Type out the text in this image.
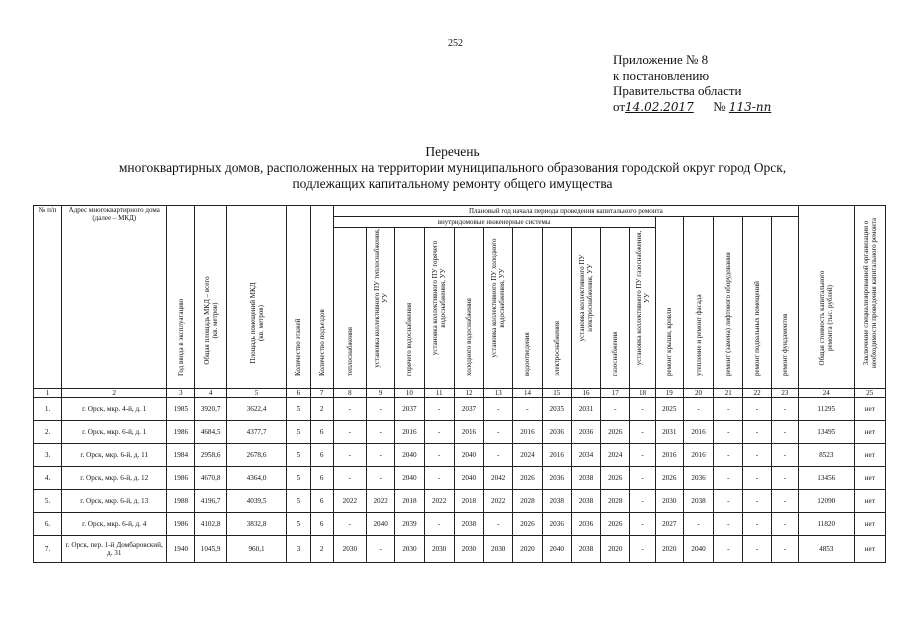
252
Приложение № 8
к постановлению
Правительства области
от14.02.2017 № 113-пп
Перечень
многоквартирных домов, расположенных на территории муниципального образования городской округ город Орск,
подлежащих капитальному ремонту общего имущества
№ п/п	Адрес многоквартирного дома (далее – МКД)	Год ввода в эксплуатацию	Общая площадь МКД – всего (кв. метров)	Площадь помещений МКД (кв. метров)	Количество этажей	Количество подъездов	Плановый год начала периода проведения капитального ремонта																Общая стоимость капитального ремонта (тыс. рублей)	Заключение специализированной организации о необходимости проведения капитального ремонта

							внутридомовые инженерные системы											ремонт крыши, кровли	утепление и ремонт фасада	ремонт (замена) лифтового оборудования	ремонт подвальных помещений	ремонт фундаментов		

							теплоснабжения	установка коллективного ПУ теплоснабжения, УУ	горячего водоснабжения	установка коллективного ПУ горячего водоснабжения, УУ	холодного водоснабжения	установка коллективного ПУ холодного водоснабжения, УУ	водоотведения	электроснабжения	установка коллективного ПУ электроснабжения, УУ	газоснабжения	установка коллективного ПУ газоснабжения, УУ							

1	2	3	4	5	6	7	8	9	10	11	12	13	14	15	16	17	18	19	20	21	22	23	24	25
1.	г. Орск, мкр. 4-й, д. 1	1985	3920,7	3622,4	5	2	-	-	2037	-	2037	-	-	2035	2031	-	-	2025	-	-	-	-	11295	нет
2.	г. Орск, мкр. 6-й, д. 1	1986	4684,5	4377,7	5	6	-	-	2016	-	2016	-	2016	2036	2036	2026	-	2031	2016	-	-	-	13495	нет
3.	г. Орск, мкр. 6-й, д. 11	1984	2958,6	2678,6	5	6	-	-	2040	-	2040	-	2024	2016	2034	2024	-	2016	2016	-	-	-	8523	нет
4.	г. Орск, мкр. 6-й, д. 12	1986	4670,8	4364,0	5	6	-	-	2040	-	2040	2042	2026	2036	2038	2026	-	2026	2036	-	-	-	13456	нет
5.	г. Орск, мкр. 6-й, д. 13	1988	4196,7	4039,5	5	6	2022	2022	2018	2022	2018	2022	2028	2038	2038	2028	-	2030	2038	-	-	-	12090	нет
6.	г. Орск, мкр. 6-й, д. 4	1986	4102,8	3832,8	5	6	-	2040	2039	-	2038	-	2026	2036	2036	2026	-	2027	-	-	-	-	11820	нет
7.	г. Орск, пер. 1-й Домбаровский, д. 31	1940	1045,9	960,1	3	2	2030	-	2030	2030	2030	2030	2020	2040	2038	2020	-	2020	2040	-	-	-	4853	нет
